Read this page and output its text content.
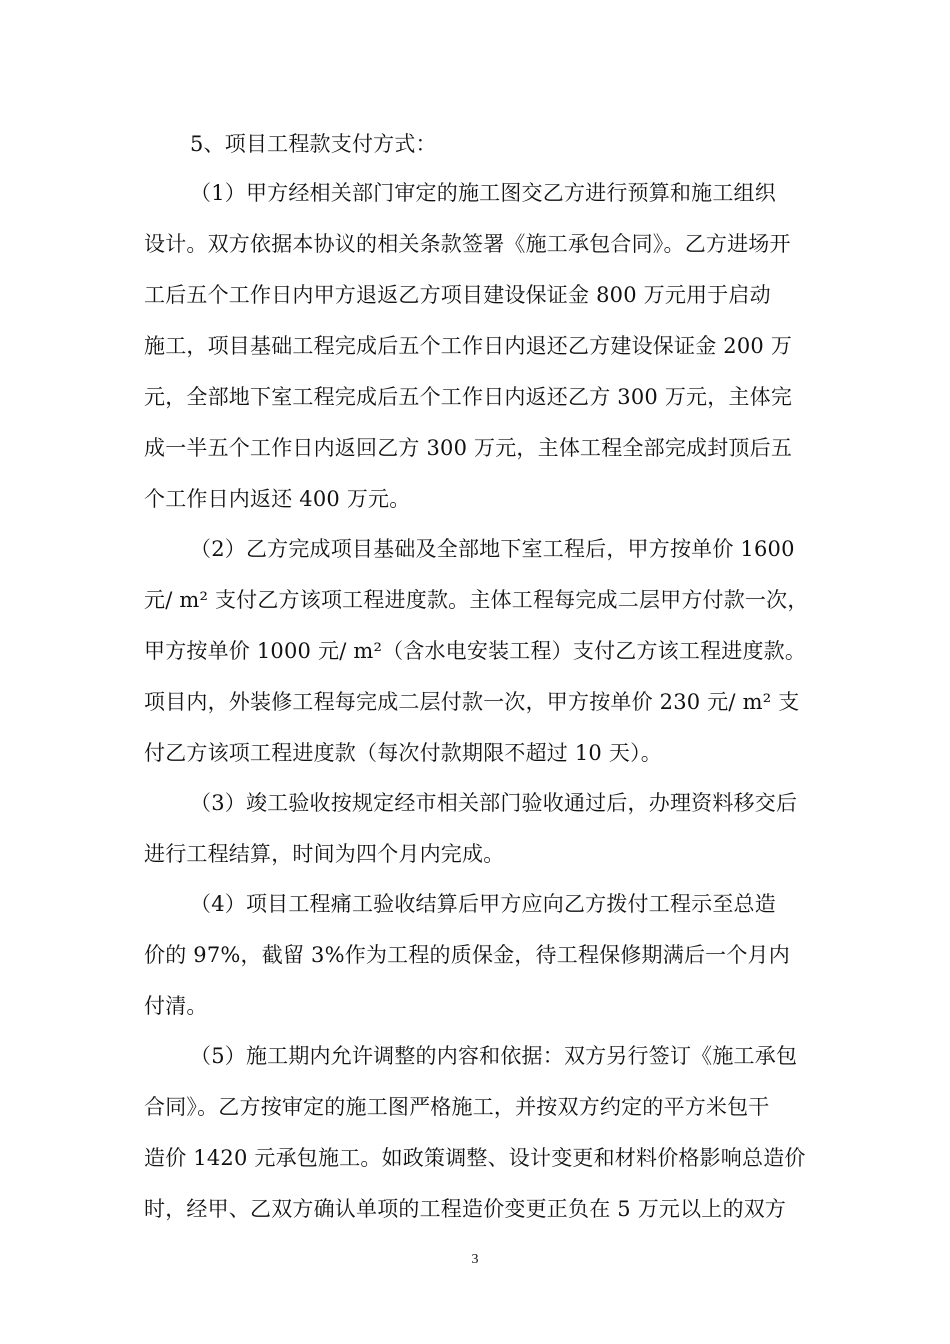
5、项目工程款支付方式：
（1）甲方经相关部门审定的施工图交乙方进行预算和施工组织
设计。双方依据本协议的相关条款签署《施工承包合同》。乙方进场开
工后五个工作日内甲方退返乙方项目建设保证金 800 万元用于启动
施工，项目基础工程完成后五个工作日内退还乙方建设保证金 200 万
元，全部地下室工程完成后五个工作日内返还乙方 300 万元，主体完
成一半五个工作日内返回乙方 300 万元，主体工程全部完成封顶后五
个工作日内返还 400 万元。
（2）乙方完成项目基础及全部地下室工程后，甲方按单价 1600
元/ m² 支付乙方该项工程进度款。主体工程每完成二层甲方付款一次，
甲方按单价 1000 元/ m²（含水电安装工程）支付乙方该工程进度款。
项目内，外装修工程每完成二层付款一次，甲方按单价 230 元/ m² 支
付乙方该项工程进度款（每次付款期限不超过 10 天）。
（3）竣工验收按规定经市相关部门验收通过后，办理资料移交后
进行工程结算，时间为四个月内完成。
（4）项目工程痛工验收结算后甲方应向乙方拨付工程示至总造
价的 97%，截留 3%作为工程的质保金，待工程保修期满后一个月内
付清。
（5）施工期内允许调整的内容和依据：双方另行签订《施工承包
合同》。乙方按审定的施工图严格施工，并按双方约定的平方米包干
造价 1420 元承包施工。如政策调整、设计变更和材料价格影响总造价
时，经甲、乙双方确认单项的工程造价变更正负在 5 万元以上的双方
3
